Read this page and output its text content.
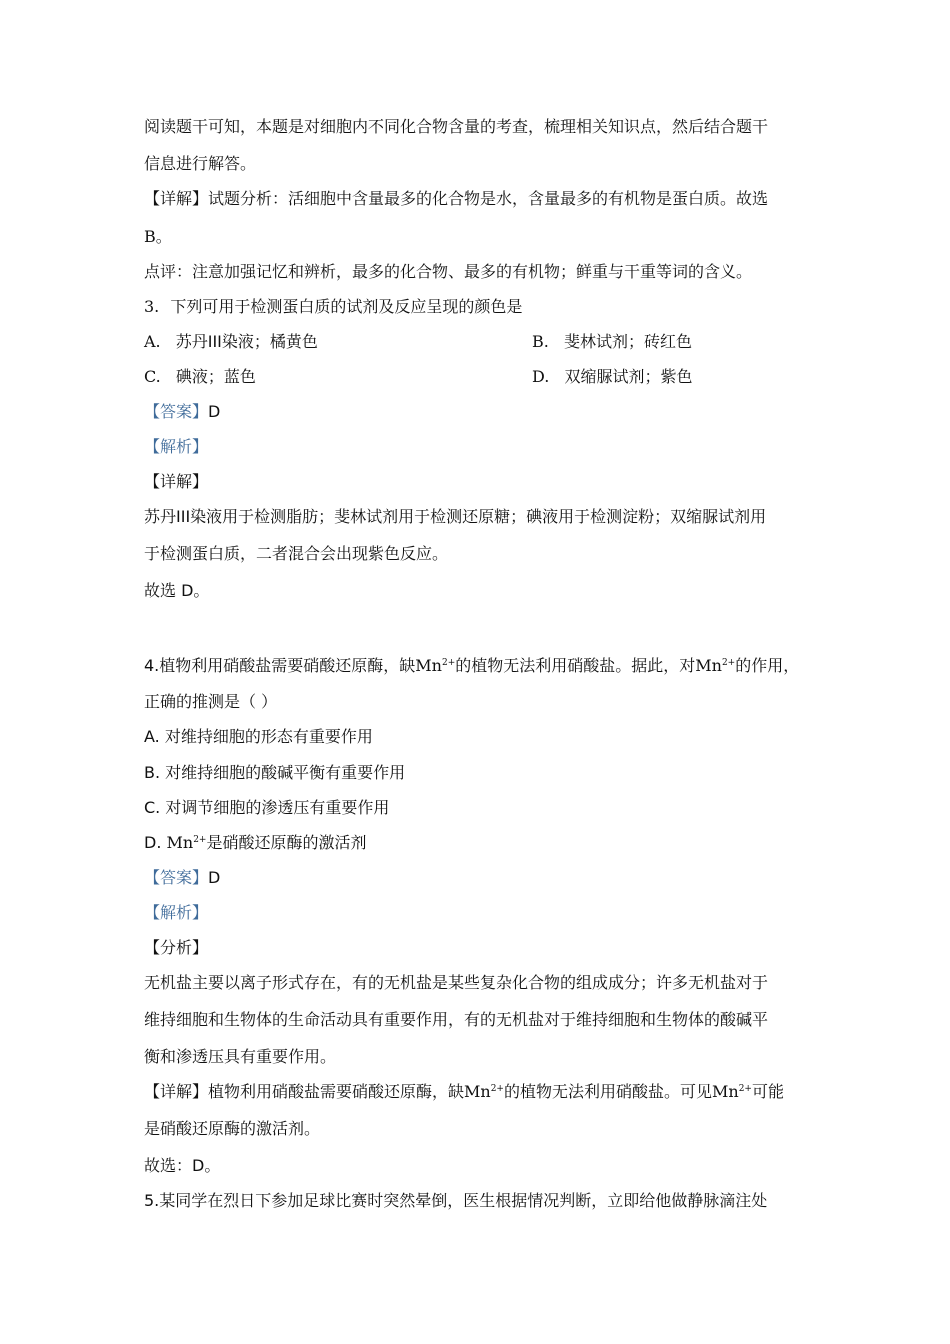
阅读题干可知，本题是对细胞内不同化合物含量的考查，梳理相关知识点，然后结合题干
信息进行解答。
【详解】试题分析：活细胞中含量最多的化合物是水，含量最多的有机物是蛋白质。故选
B。
点评：注意加强记忆和辨析，最多的化合物、最多的有机物；鲜重与干重等词的含义。
3. 下列可用于检测蛋白质的试剂及反应呈现的颜色是
A. 苏丹III染液；橘黄色	B. 斐林试剂；砖红色
C. 碘液；蓝色	D. 双缩脲试剂；紫色
【答案】D
【解析】
【详解】
苏丹III染液用于检测脂肪；斐林试剂用于检测还原糖；碘液用于检测淀粉；双缩脲试剂用
于检测蛋白质，二者混合会出现紫色反应。
故选 D。
4.植物利用硝酸盐需要硝酸还原酶，缺$Mn^{2+}$的植物无法利用硝酸盐。据此，对$Mn^{2+}$的作用，
正确的推测是（ ）
A. 对维持细胞的形态有重要作用
B. 对维持细胞的酸碱平衡有重要作用
C. 对调节细胞的渗透压有重要作用
D. $Mn^{2+}$是硝酸还原酶的激活剂
【答案】D
【解析】
【分析】
无机盐主要以离子形式存在，有的无机盐是某些复杂化合物的组成成分；许多无机盐对于
维持细胞和生物体的生命活动具有重要作用，有的无机盐对于维持细胞和生物体的酸碱平
衡和渗透压具有重要作用。
【详解】植物利用硝酸盐需要硝酸还原酶，缺$Mn^{2+}$的植物无法利用硝酸盐。可见$Mn^{2+}$可能
是硝酸还原酶的激活剂。
故选：D。
5.某同学在烈日下参加足球比赛时突然晕倒，医生根据情况判断，立即给他做静脉滴注处
